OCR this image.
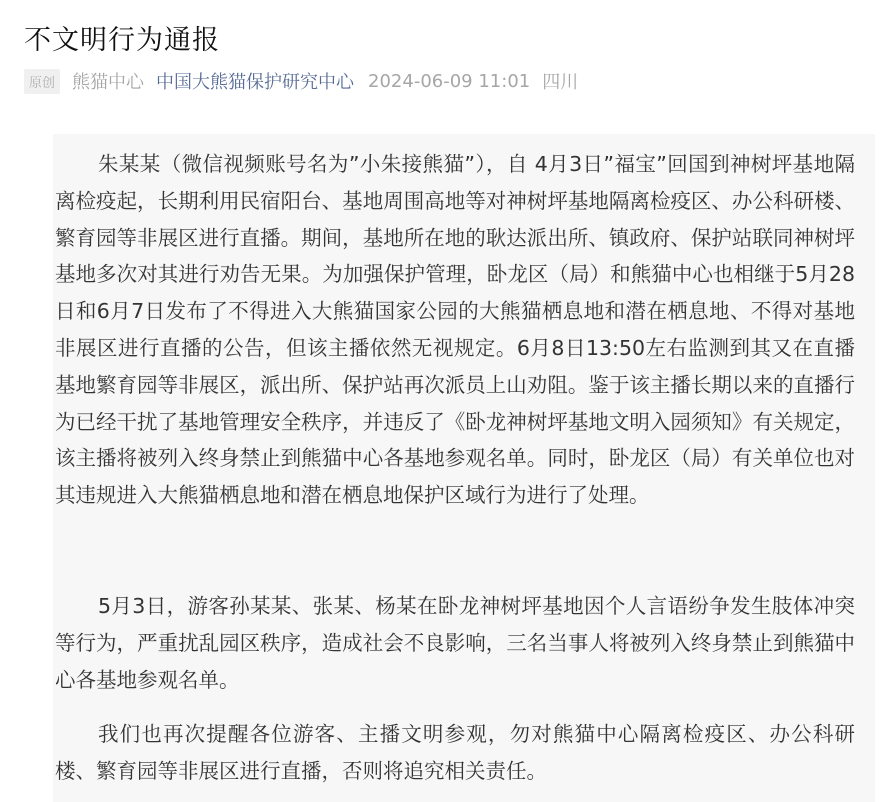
不文明行为通报
原创 熊猫中心 中国大熊猫保护研究中心 2024-06-09 11:01 四川

朱某某（微信视频账号名为”小朱接熊猫”），自 4月3日”福宝”回国到神树坪基地隔离检疫起，长期利用民宿阳台、基地周围高地等对神树坪基地隔离检疫区、办公科研楼、繁育园等非展区进行直播。期间，基地所在地的耿达派出所、镇政府、保护站联同神树坪基地多次对其进行劝告无果。为加强保护管理，卧龙区（局）和熊猫中心也相继于5月28日和6月7日发布了不得进入大熊猫国家公园的大熊猫栖息地和潜在栖息地、不得对基地非展区进行直播的公告，但该主播依然无视规定。6月8日13:50左右监测到其又在直播基地繁育园等非展区，派出所、保护站再次派员上山劝阻。鉴于该主播长期以来的直播行为已经干扰了基地管理安全秩序，并违反了《卧龙神树坪基地文明入园须知》有关规定，该主播将被列入终身禁止到熊猫中心各基地参观名单。同时，卧龙区（局）有关单位也对其违规进入大熊猫栖息地和潜在栖息地保护区域行为进行了处理。

5月3日，游客孙某某、张某、杨某在卧龙神树坪基地因个人言语纷争发生肢体冲突等行为，严重扰乱园区秩序，造成社会不良影响，三名当事人将被列入终身禁止到熊猫中心各基地参观名单。

我们也再次提醒各位游客、主播文明参观，勿对熊猫中心隔离检疫区、办公科研楼、繁育园等非展区进行直播，否则将追究相关责任。
